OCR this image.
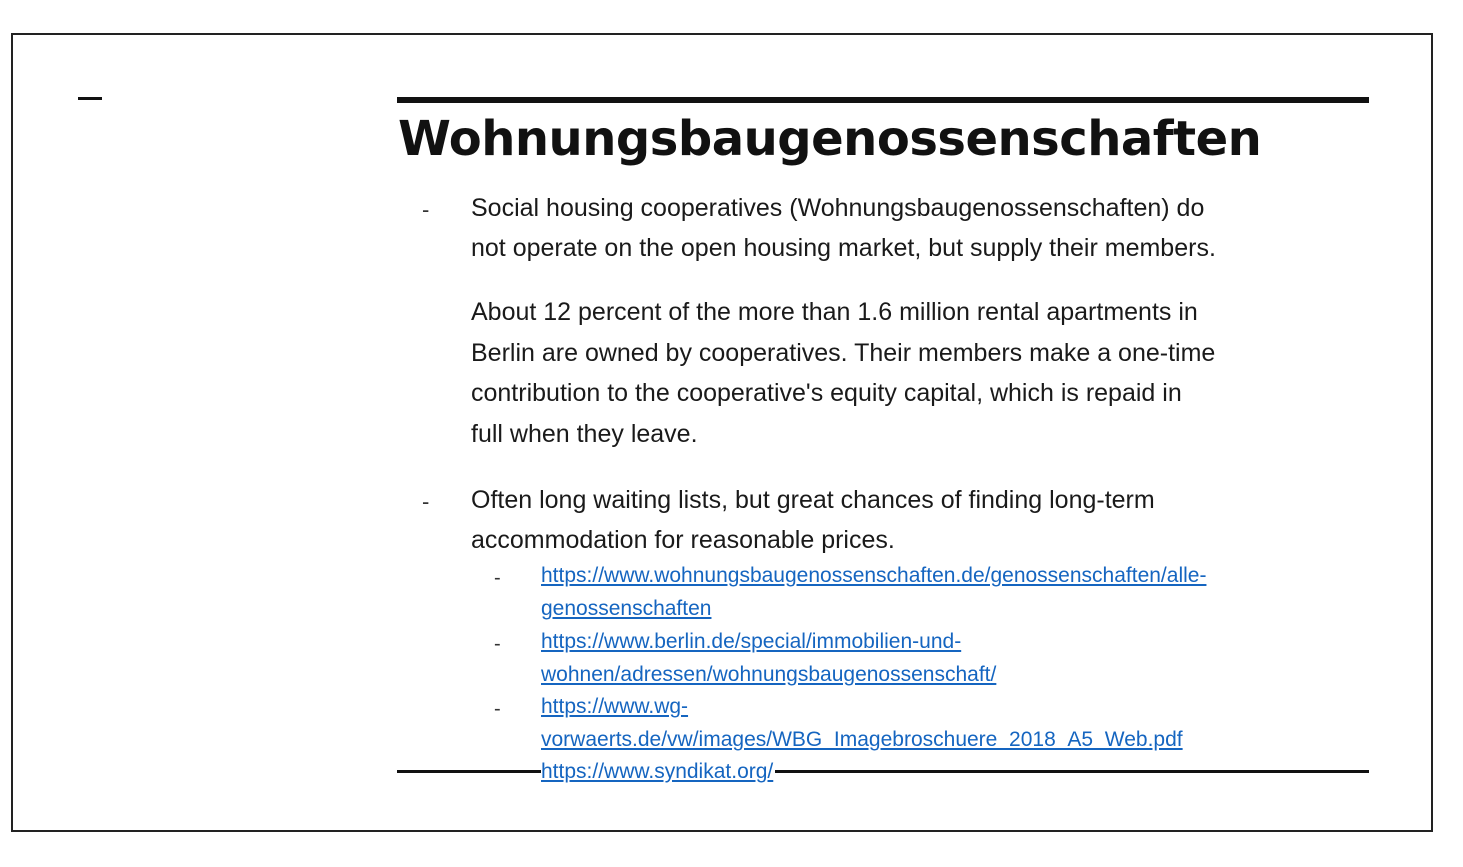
Wohnungsbaugenossenschaften
- Social housing cooperatives (Wohnungsbaugenossenschaften) do

not operate on the open housing market, but supply their members.

About 12 percent of the more than 1.6 million rental apartments in

Berlin are owned by cooperatives. Their members make a one-time

contribution to the cooperative's equity capital, which is repaid in

full when they leave.

- Often long waiting lists, but great chances of finding long-term

accommodation for reasonable prices.

- https://www.wohnungsbaugenossenschaften.de/genossenschaften/alle-
genossenschaften
- https://www.berlin.de/special/immobilien-und-
wohnen/adressen/wohnungsbaugenossenschaft/
- https://www.wg-
vorwaerts.de/vw/images/WBG_Imagebroschuere_2018_A5_Web.pdf
https://www.syndikat.org/
